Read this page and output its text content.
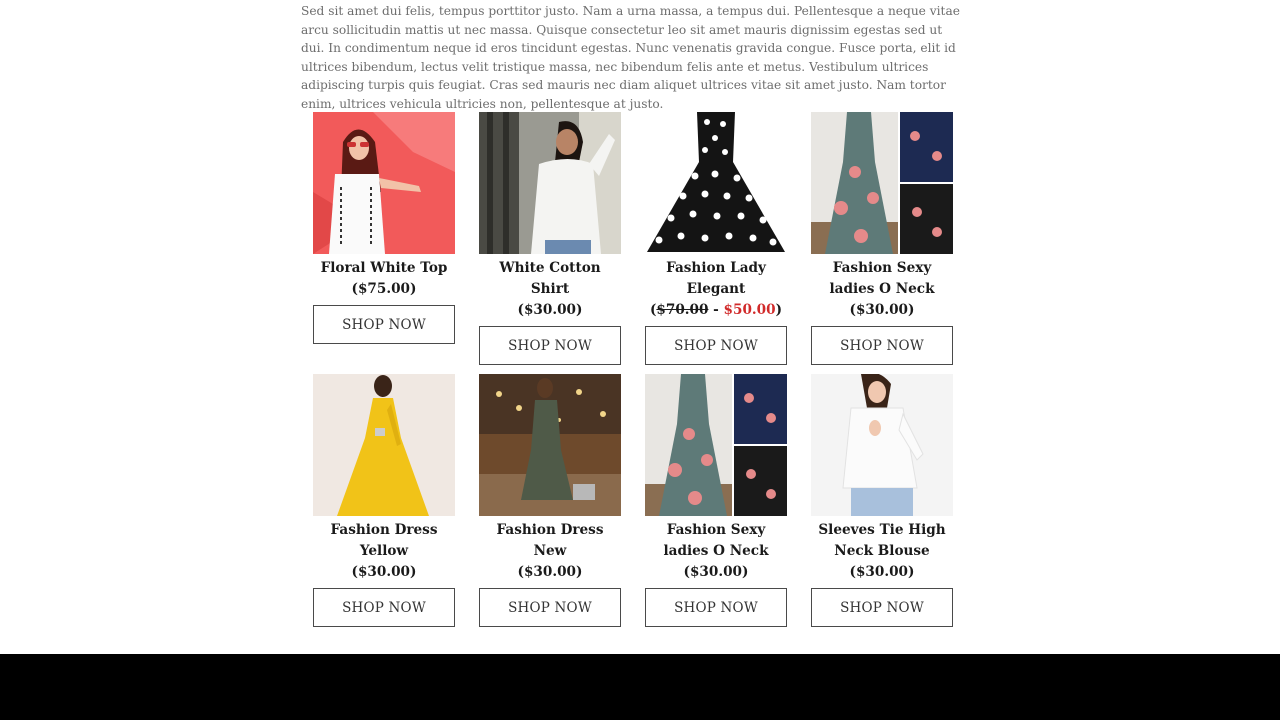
Sed sit amet dui felis, tempus porttitor justo. Nam a urna massa, a tempus dui. Pellentesque a neque vitae arcu sollicitudin mattis ut nec massa. Quisque consectetur leo sit amet mauris dignissim egestas sed ut dui. In condimentum neque id eros tincidunt egestas. Nunc venenatis gravida congue. Fusce porta, elit id ultrices bibendum, lectus velit tristique massa, nec bibendum felis ante et metus. Vestibulum ultrices adipiscing turpis quis feugiat. Cras sed mauris nec diam aliquet ultrices vitae sit amet justo. Nam tortor enim, ultrices vehicula ultricies non, pellentesque at justo.

Floral White Top
($75.00)
SHOP NOW
White Cotton Shirt
($30.00)
SHOP NOW
Fashion Lady Elegant
($70.00 - $50.00)
SHOP NOW
Fashion Sexy ladies O Neck
($30.00)
SHOP NOW
Fashion Dress Yellow
($30.00)
SHOP NOW
Fashion Dress New
($30.00)
SHOP NOW
Fashion Sexy ladies O Neck
($30.00)
SHOP NOW
Sleeves Tie High Neck Blouse
($30.00)
SHOP NOW
